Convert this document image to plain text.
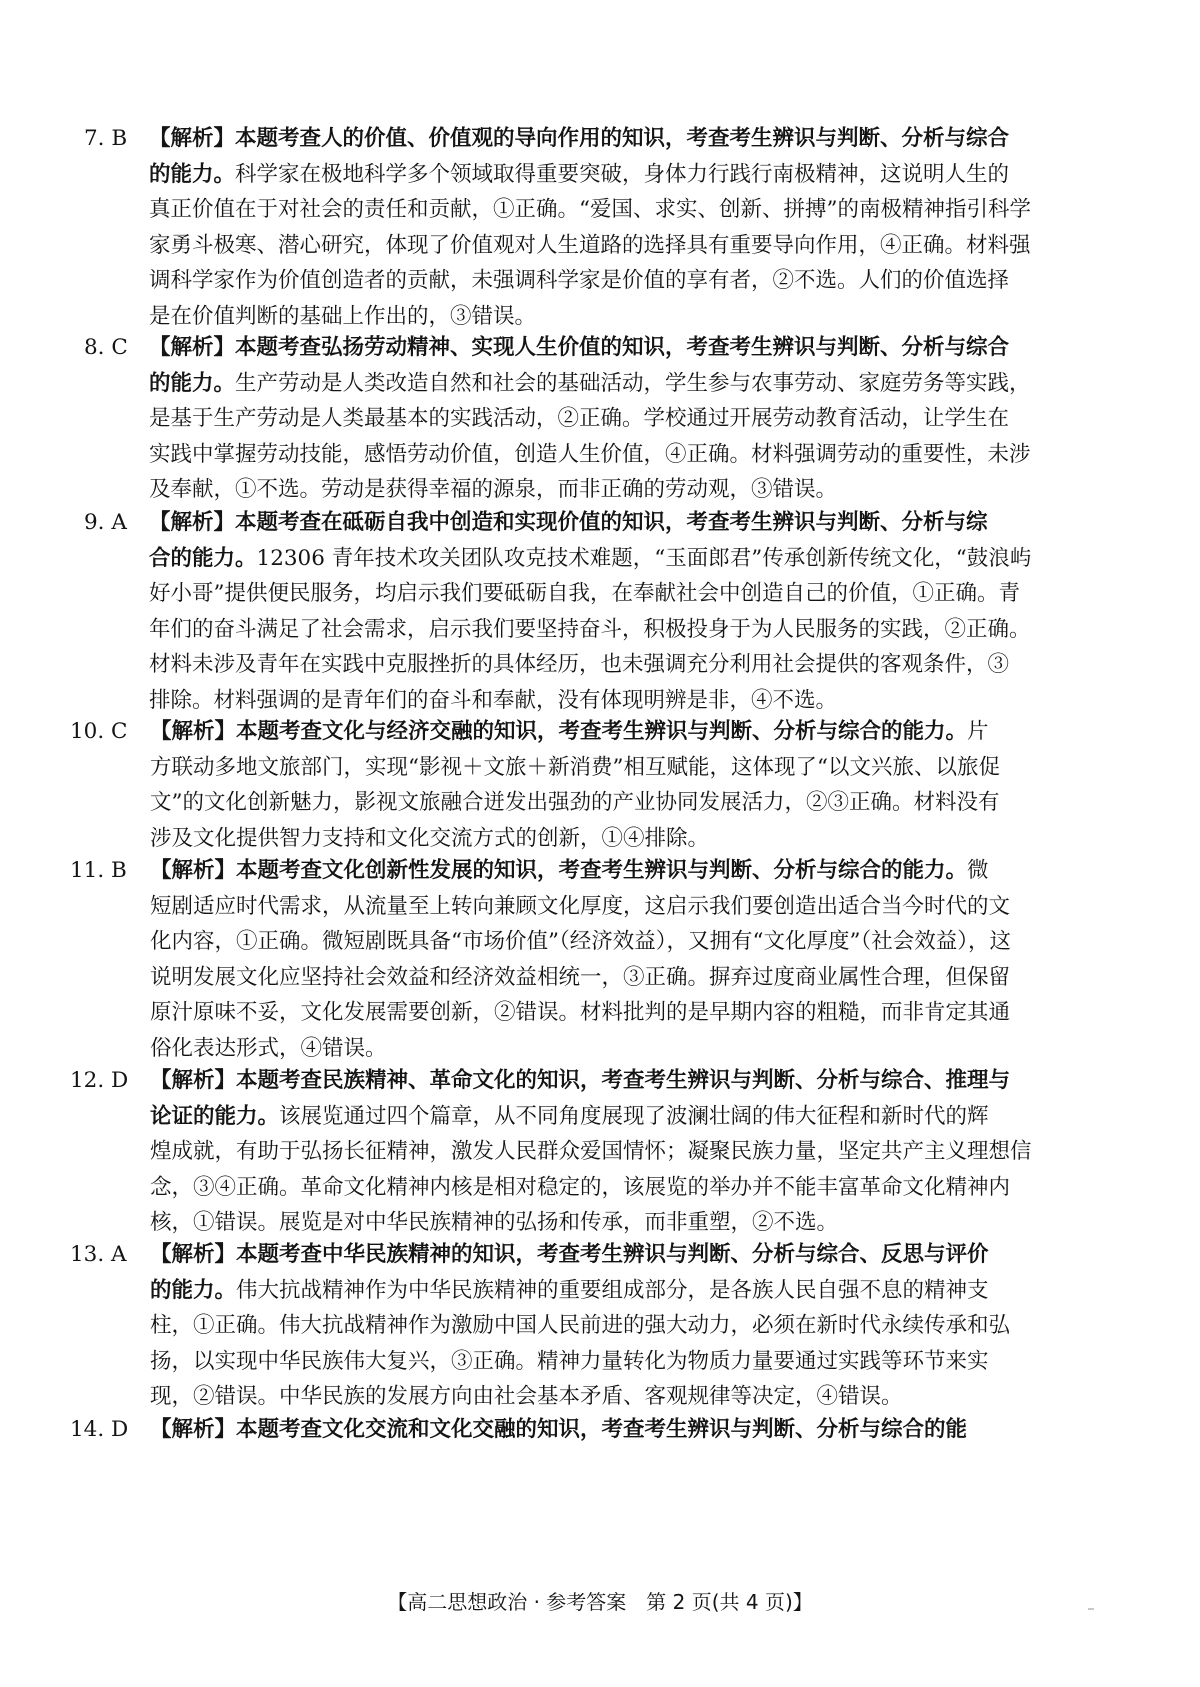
7. B 【解析】本题考查人的价值、价值观的导向作用的知识，考查考生辨识与判断、分析与综合
的能力。科学家在极地科学多个领域取得重要突破，身体力行践行南极精神，这说明人生的
真正价值在于对社会的责任和贡献，①正确。“爱国、求实、创新、拼搏”的南极精神指引科学
家勇斗极寒、潜心研究，体现了价值观对人生道路的选择具有重要导向作用，④正确。材料强
调科学家作为价值创造者的贡献，未强调科学家是价值的享有者，②不选。人们的价值选择
是在价值判断的基础上作出的，③错误。
8. C 【解析】本题考查弘扬劳动精神、实现人生价值的知识，考查考生辨识与判断、分析与综合
的能力。生产劳动是人类改造自然和社会的基础活动，学生参与农事劳动、家庭劳务等实践，
是基于生产劳动是人类最基本的实践活动，②正确。学校通过开展劳动教育活动，让学生在
实践中掌握劳动技能，感悟劳动价值，创造人生价值，④正确。材料强调劳动的重要性，未涉
及奉献，①不选。劳动是获得幸福的源泉，而非正确的劳动观，③错误。
9. A 【解析】本题考查在砥砺自我中创造和实现价值的知识，考查考生辨识与判断、分析与综
合的能力。12306 青年技术攻关团队攻克技术难题，“玉面郎君”传承创新传统文化，“鼓浪屿
好小哥”提供便民服务，均启示我们要砥砺自我，在奉献社会中创造自己的价值，①正确。青
年们的奋斗满足了社会需求，启示我们要坚持奋斗，积极投身于为人民服务的实践，②正确。
材料未涉及青年在实践中克服挫折的具体经历，也未强调充分利用社会提供的客观条件，③
排除。材料强调的是青年们的奋斗和奉献，没有体现明辨是非，④不选。
10. C 【解析】本题考查文化与经济交融的知识，考查考生辨识与判断、分析与综合的能力。片
方联动多地文旅部门，实现“影视＋文旅＋新消费”相互赋能，这体现了“以文兴旅、以旅促
文”的文化创新魅力，影视文旅融合迸发出强劲的产业协同发展活力，②③正确。材料没有
涉及文化提供智力支持和文化交流方式的创新，①④排除。
11. B 【解析】本题考查文化创新性发展的知识，考查考生辨识与判断、分析与综合的能力。微
短剧适应时代需求，从流量至上转向兼顾文化厚度，这启示我们要创造出适合当今时代的文
化内容，①正确。微短剧既具备“市场价值”（经济效益），又拥有“文化厚度”（社会效益），这
说明发展文化应坚持社会效益和经济效益相统一，③正确。摒弃过度商业属性合理，但保留
原汁原味不妥，文化发展需要创新，②错误。材料批判的是早期内容的粗糙，而非肯定其通
俗化表达形式，④错误。
12. D 【解析】本题考查民族精神、革命文化的知识，考查考生辨识与判断、分析与综合、推理与
论证的能力。该展览通过四个篇章，从不同角度展现了波澜壮阔的伟大征程和新时代的辉
煌成就，有助于弘扬长征精神，激发人民群众爱国情怀；凝聚民族力量，坚定共产主义理想信
念，③④正确。革命文化精神内核是相对稳定的，该展览的举办并不能丰富革命文化精神内
核，①错误。展览是对中华民族精神的弘扬和传承，而非重塑，②不选。
13. A 【解析】本题考查中华民族精神的知识，考查考生辨识与判断、分析与综合、反思与评价
的能力。伟大抗战精神作为中华民族精神的重要组成部分，是各族人民自强不息的精神支
柱，①正确。伟大抗战精神作为激励中国人民前进的强大动力，必须在新时代永续传承和弘
扬，以实现中华民族伟大复兴，③正确。精神力量转化为物质力量要通过实践等环节来实
现，②错误。中华民族的发展方向由社会基本矛盾、客观规律等决定，④错误。
14. D 【解析】本题考查文化交流和文化交融的知识，考查考生辨识与判断、分析与综合的能
【高二思想政治 · 参考答案　第 2 页(共 4 页)】
